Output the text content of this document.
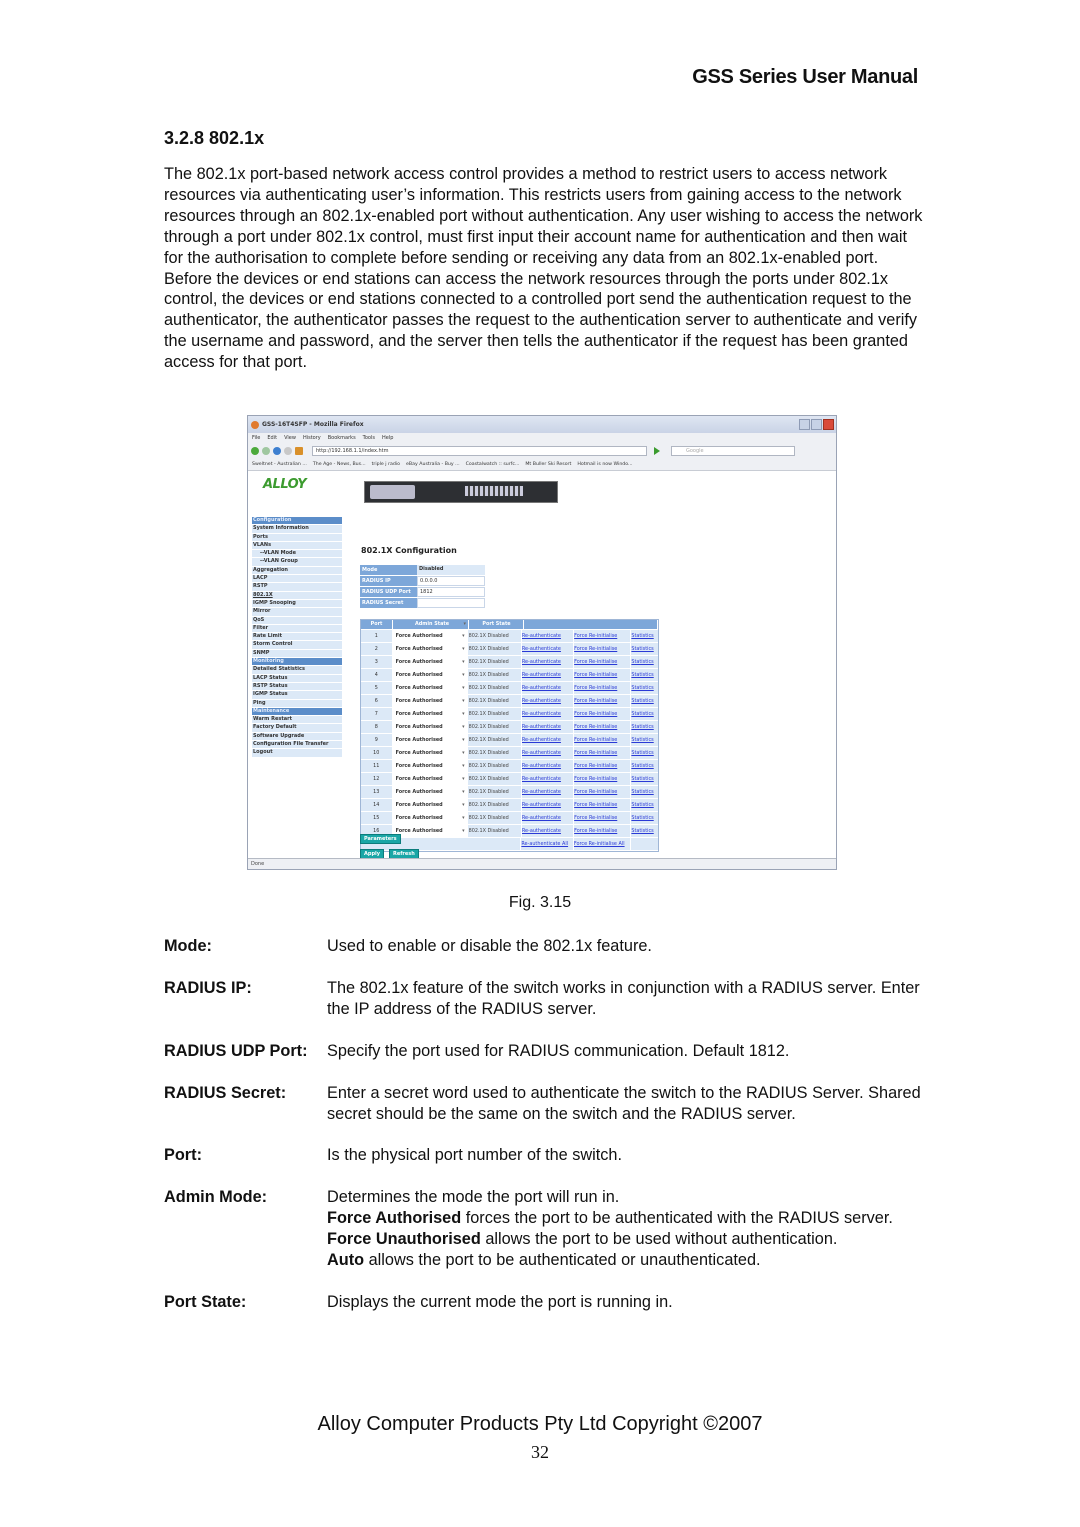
GSS Series User Manual
3.2.8 802.1x

The 802.1x port-based network access control provides a method to restrict users to access network resources via authenticating user’s information. This restricts users from gaining access to the network resources through an 802.1x-enabled port without authentication. Any user wishing to access the network through a port under 802.1x control, must first input their account name for authentication and then wait for the authorisation to complete before sending or receiving any data from an 802.1x-enabled port.

Before the devices or end stations can access the network resources through the ports under 802.1x control, the devices or end stations connected to a controlled port send the authentication request to the authenticator, the authenticator passes the request to the authentication server to authenticate and verify the username and password, and the server then tells the authenticator if the request has been granted access for that port.

GSS-16T4SFP - Mozilla Firefox
File Edit View History Bookmarks Tools Help
http://192.168.1.1/index.htm	Google
Sweltnet - Australian ... The Age - News, Bus... triple j radio eBay Australia - Buy ... Coastalwatch :: surfc... Mt Buller Ski Resort Hotmail is now Windo...
ALLOY
Configuration
System Information
Ports
VLANs
--VLAN Mode
--VLAN Group
Aggregation
LACP
RSTP
802.1X
IGMP Snooping
Mirror
QoS
Filter
Rate Limit
Storm Control
SNMP
Monitoring
Detailed Statistics
LACP Status
RSTP Status
IGMP Status
Ping
Maintenance
Warm Restart
Factory Default
Software Upgrade
Configuration File Transfer
Logout
802.1X Configuration
Mode	Disabled
RADIUS IP	0.0.0.0
RADIUS UDP Port	1812
RADIUS Secret
Port	Admin State ▾	Port State
1	Force Authorised ▾	802.1X Disabled	Re-authenticate	Force Re-initialise	Statistics
2	Force Authorised ▾	802.1X Disabled	Re-authenticate	Force Re-initialise	Statistics
3	Force Authorised ▾	802.1X Disabled	Re-authenticate	Force Re-initialise	Statistics
4	Force Authorised ▾	802.1X Disabled	Re-authenticate	Force Re-initialise	Statistics
5	Force Authorised ▾	802.1X Disabled	Re-authenticate	Force Re-initialise	Statistics
6	Force Authorised ▾	802.1X Disabled	Re-authenticate	Force Re-initialise	Statistics
7	Force Authorised ▾	802.1X Disabled	Re-authenticate	Force Re-initialise	Statistics
8	Force Authorised ▾	802.1X Disabled	Re-authenticate	Force Re-initialise	Statistics
9	Force Authorised ▾	802.1X Disabled	Re-authenticate	Force Re-initialise	Statistics
10	Force Authorised ▾	802.1X Disabled	Re-authenticate	Force Re-initialise	Statistics
11	Force Authorised ▾	802.1X Disabled	Re-authenticate	Force Re-initialise	Statistics
12	Force Authorised ▾	802.1X Disabled	Re-authenticate	Force Re-initialise	Statistics
13	Force Authorised ▾	802.1X Disabled	Re-authenticate	Force Re-initialise	Statistics
14	Force Authorised ▾	802.1X Disabled	Re-authenticate	Force Re-initialise	Statistics
15	Force Authorised ▾	802.1X Disabled	Re-authenticate	Force Re-initialise	Statistics
16	Force Authorised ▾	802.1X Disabled	Re-authenticate	Force Re-initialise	Statistics
Re-authenticate All	Force Re-initialise All
Parameters
Apply	Refresh
Done
Fig. 3.15
Mode:	Used to enable or disable the 802.1x feature.
RADIUS IP:	The 802.1x feature of the switch works in conjunction with a RADIUS server. Enter the IP address of the RADIUS server.
RADIUS UDP Port:	Specify the port used for RADIUS communication. Default 1812.
RADIUS Secret:	Enter a secret word used to authenticate the switch to the RADIUS Server. Shared secret should be the same on the switch and the RADIUS server.
Port:	Is the physical port number of the switch.
Admin Mode:	Determines the mode the port will run in.
Force Authorised forces the port to be authenticated with the RADIUS server.
Force Unauthorised allows the port to be used without authentication.
Auto allows the port to be authenticated or unauthenticated.
Port State:	Displays the current mode the port is running in.
Alloy Computer Products Pty Ltd Copyright ©2007
32
